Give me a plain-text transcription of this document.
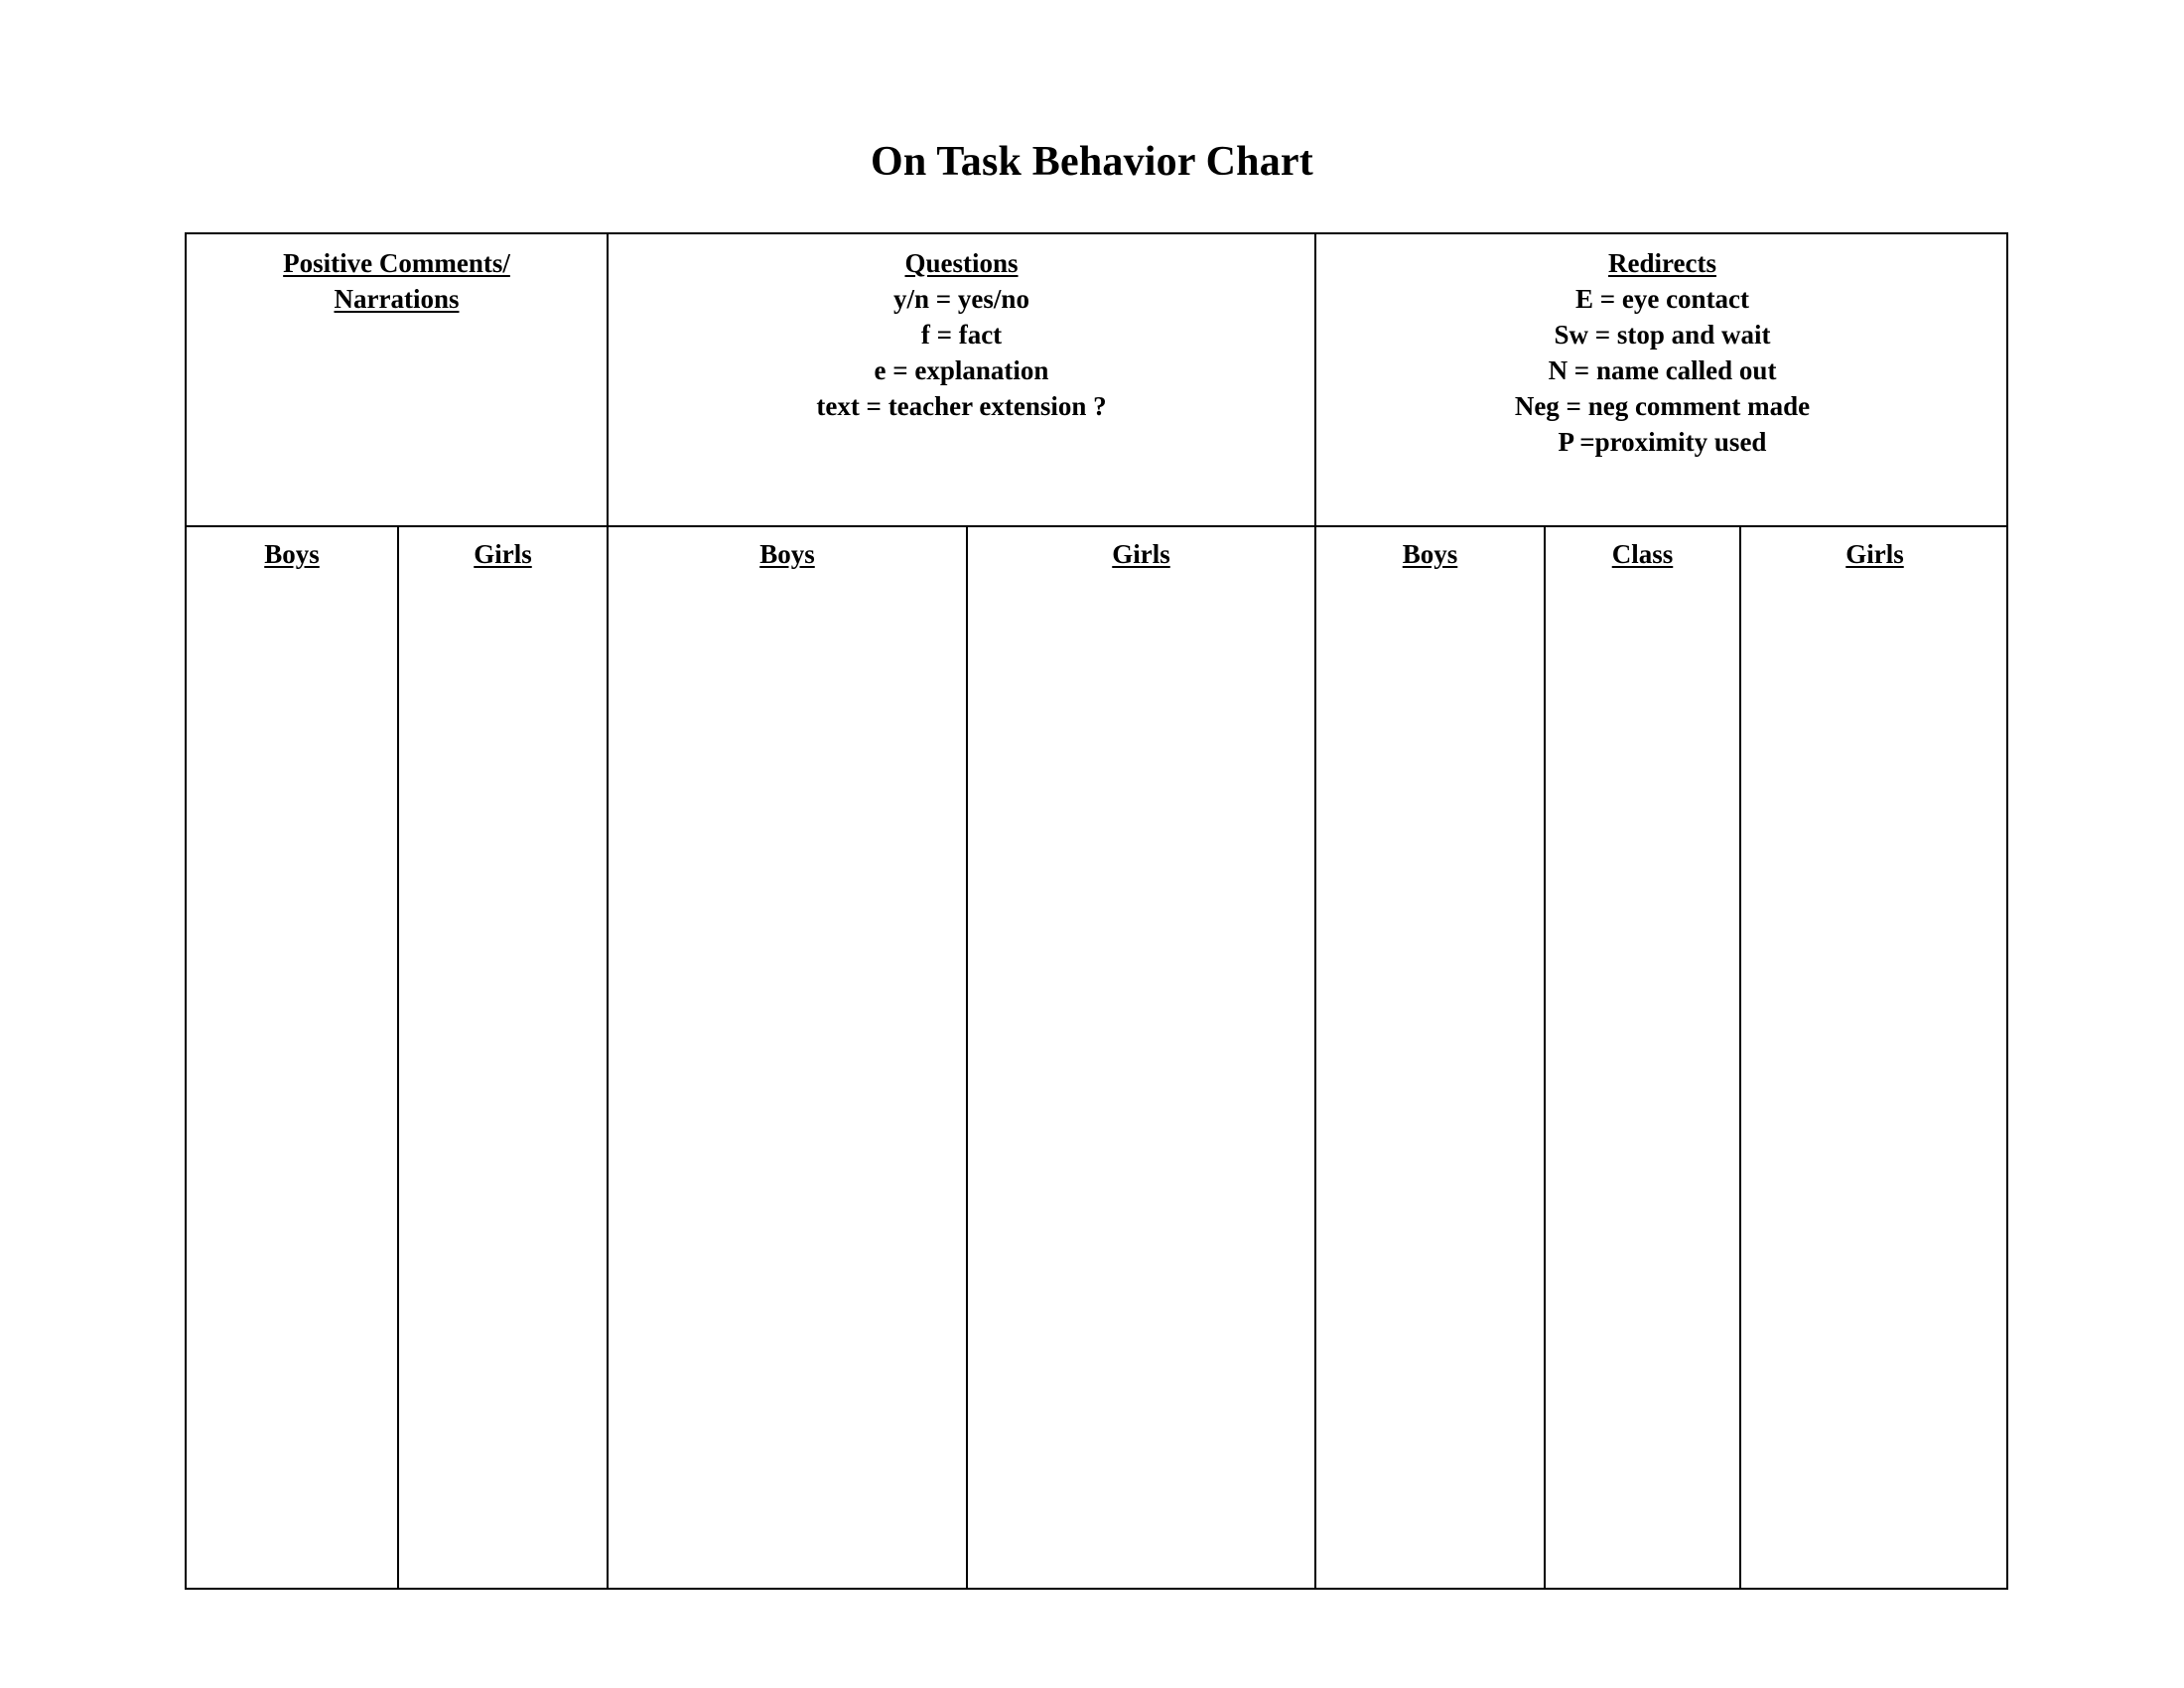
On Task Behavior Chart
Positive Comments/
Narrations
Questions
y/n = yes/no
f = fact
e = explanation
text = teacher extension ?
Redirects
E = eye contact
Sw = stop and wait
N = name called out
Neg = neg comment made
P =proximity used
Boys	Girls	Boys	Girls	Boys	Class	Girls
